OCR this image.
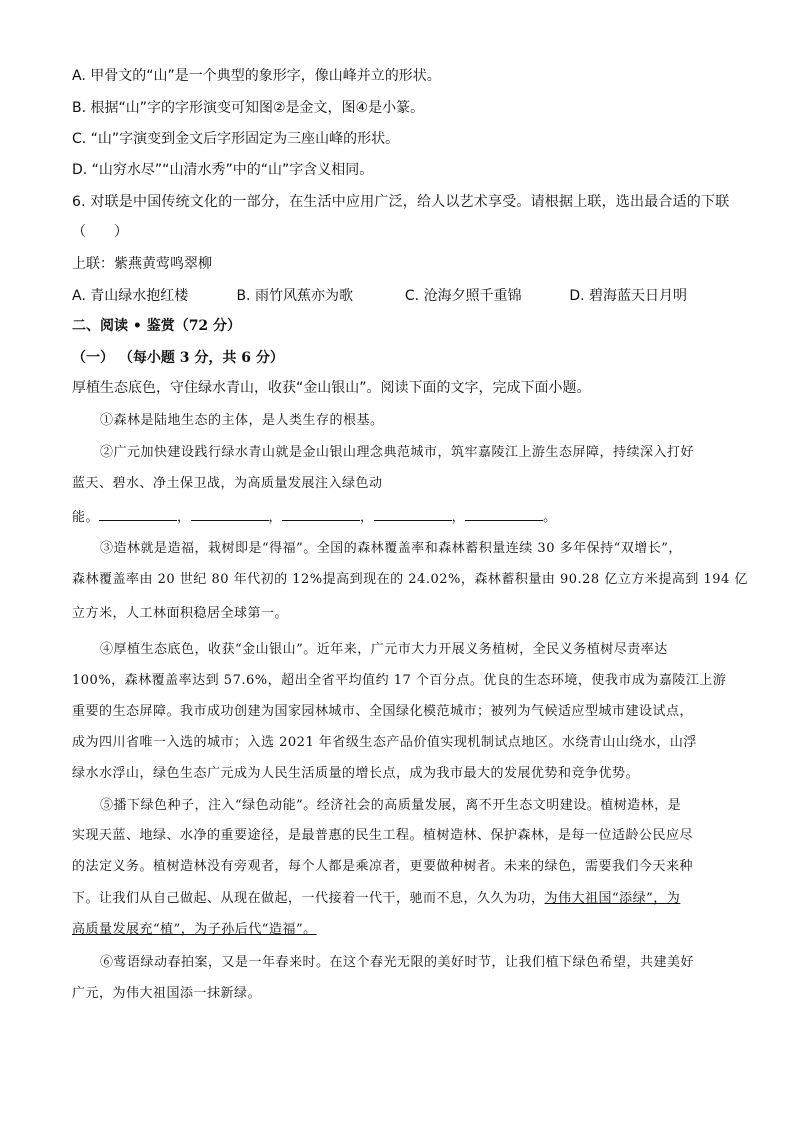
A. 甲骨文的“山”是一个典型的象形字，像山峰并立的形状。
B. 根据“山”字的字形演变可知图②是金文，图④是小篆。
C. “山”字演变到金文后字形固定为三座山峰的形状。
D. “山穷水尽”“山清水秀”中的“山”字含义相同。
6. 对联是中国传统文化的一部分，在生活中应用广泛，给人以艺术享受。请根据上联，选出最合适的下联
（　　）
上联：紫燕黄莺鸣翠柳
A. 青山绿水抱红楼	B. 雨竹风蕉亦为歌	C. 沧海夕照千重锦	D. 碧海蓝天日月明
二、阅读 • 鉴赏（72 分）
（一） （每小题 3 分，共 6 分）
厚植生态底色，守住绿水青山，收获“金山银山”。阅读下面的文字，完成下面小题。
①森林是陆地生态的主体，是人类生存的根基。
②广元加快建设践行绿水青山就是金山银山理念典范城市，筑牢嘉陵江上游生态屏障，持续深入打好
蓝天、碧水、净土保卫战，为高质量发展注入绿色动
能。	，	，	，	，	。
③造林就是造福，栽树即是“得福”。全国的森林覆盖率和森林蓄积量连续 30 多年保持“双增长”，
森林覆盖率由 20 世纪 80 年代初的 12%提高到现在的 24.02%，森林蓄积量由 90.28 亿立方米提高到 194 亿
立方米，人工林面积稳居全球第一。
④厚植生态底色，收获“金山银山”。近年来，广元市大力开展义务植树，全民义务植树尽责率达
100%，森林覆盖率达到 57.6%，超出全省平均值约 17 个百分点。优良的生态环境，使我市成为嘉陵江上游
重要的生态屏障。我市成功创建为国家园林城市、全国绿化模范城市；被列为气候适应型城市建设试点，
成为四川省唯一入选的城市；入选 2021 年省级生态产品价值实现机制试点地区。水绕青山山绕水，山浮
绿水水浮山，绿色生态广元成为人民生活质量的增长点，成为我市最大的发展优势和竞争优势。
⑤播下绿色种子，注入“绿色动能”。经济社会的高质量发展，离不开生态文明建设。植树造林，是
实现天蓝、地绿、水净的重要途径，是最普惠的民生工程。植树造林、保护森林，是每一位适龄公民应尽
的法定义务。植树造林没有旁观者，每个人都是乘凉者，更要做种树者。未来的绿色，需要我们今天来种
下。让我们从自己做起、从现在做起，一代接着一代干，驰而不息，久久为功，为伟大祖国“添绿”，为
高质量发展充“植”，为子孙后代“造福”。
⑥莺语绿动春拍案，又是一年春来时。在这个春光无限的美好时节，让我们植下绿色希望，共建美好
广元，为伟大祖国添一抹新绿。
